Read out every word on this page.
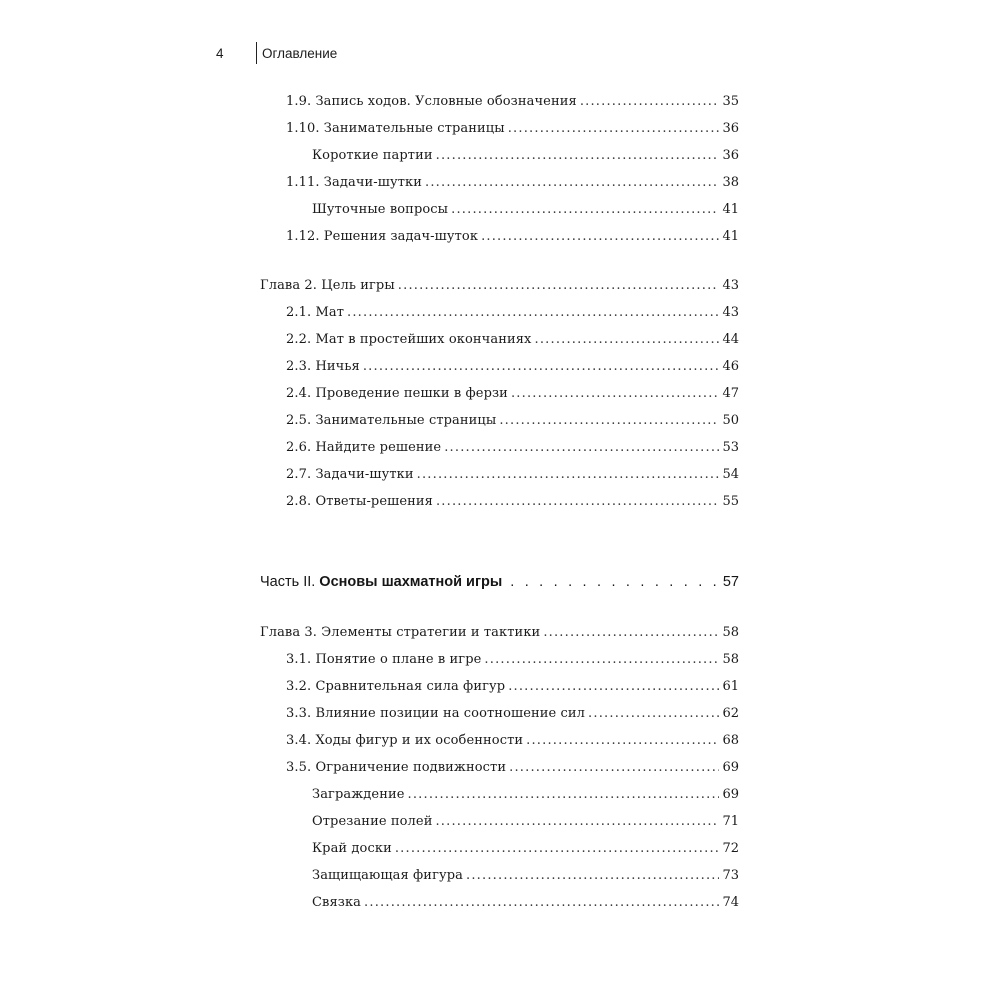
4	Оглавление
1.9. Запись ходов. Условные обозначения .....	35
1.10. Занимательные страницы .....	36
Короткие партии .....	36
1.11. Задачи-шутки .....	38
Шуточные вопросы .....	41
1.12. Решения задач-шуток .....	41
Глава 2. Цель игры .....	43
2.1. Мат .....	43
2.2. Мат в простейших окончаниях .....	44
2.3. Ничья .....	46
2.4. Проведение пешки в ферзи .....	47
2.5. Занимательные страницы .....	50
2.6. Найдите решение .....	53
2.7. Задачи-шутки .....	54
2.8. Ответы-решения .....	55
Часть II. Основы шахматной игры . . .	57
Глава 3. Элементы стратегии и тактики .....	58
3.1. Понятие о плане в игре .....	58
3.2. Сравнительная сила фигур .....	61
3.3. Влияние позиции на соотношение сил .....	62
3.4. Ходы фигур и их особенности .....	68
3.5. Ограничение подвижности .....	69
Заграждение .....	69
Отрезание полей .....	71
Край доски .....	72
Защищающая фигура .....	73
Связка .....	74
